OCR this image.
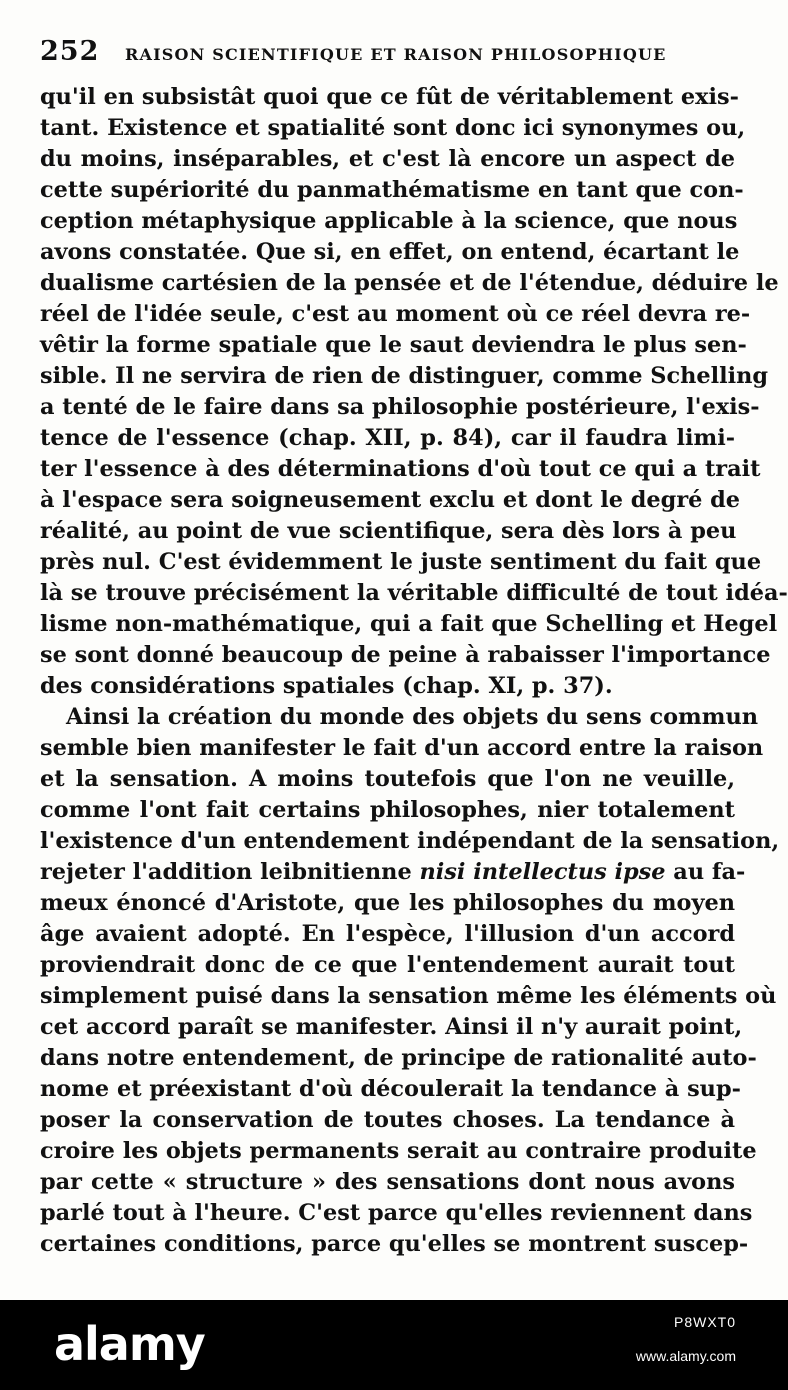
252 RAISON SCIENTIFIQUE ET RAISON PHILOSOPHIQUE
qu'il en subsistât quoi que ce fût de véritablement exis-
tant. Existence et spatialité sont donc ici synonymes ou,
du moins, inséparables, et c'est là encore un aspect de
cette supériorité du panmathématisme en tant que con-
ception métaphysique applicable à la science, que nous
avons constatée. Que si, en effet, on entend, écartant le
dualisme cartésien de la pensée et de l'étendue, déduire le
réel de l'idée seule, c'est au moment où ce réel devra re-
vêtir la forme spatiale que le saut deviendra le plus sen-
sible. Il ne servira de rien de distinguer, comme Schelling
a tenté de le faire dans sa philosophie postérieure, l'exis-
tence de l'essence (chap. XII, p. 84), car il faudra limi-
ter l'essence à des déterminations d'où tout ce qui a trait
à l'espace sera soigneusement exclu et dont le degré de
réalité, au point de vue scientifique, sera dès lors à peu
près nul. C'est évidemment le juste sentiment du fait que
là se trouve précisément la véritable difficulté de tout idéa-
lisme non-mathématique, qui a fait que Schelling et Hegel
se sont donné beaucoup de peine à rabaisser l'importance
des considérations spatiales (chap. XI, p. 37).
Ainsi la création du monde des objets du sens commun
semble bien manifester le fait d'un accord entre la raison
et la sensation. A moins toutefois que l'on ne veuille,
comme l'ont fait certains philosophes, nier totalement
l'existence d'un entendement indépendant de la sensation,
rejeter l'addition leibnitienne nisi intellectus ipse au fa-
meux énoncé d'Aristote, que les philosophes du moyen
âge avaient adopté. En l'espèce, l'illusion d'un accord
proviendrait donc de ce que l'entendement aurait tout
simplement puisé dans la sensation même les éléments où
cet accord paraît se manifester. Ainsi il n'y aurait point,
dans notre entendement, de principe de rationalité auto-
nome et préexistant d'où découlerait la tendance à sup-
poser la conservation de toutes choses. La tendance à
croire les objets permanents serait au contraire produite
par cette « structure » des sensations dont nous avons
parlé tout à l'heure. C'est parce qu'elles reviennent dans
certaines conditions, parce qu'elles se montrent suscep-
alamy	P8WXT0
www.alamy.com
